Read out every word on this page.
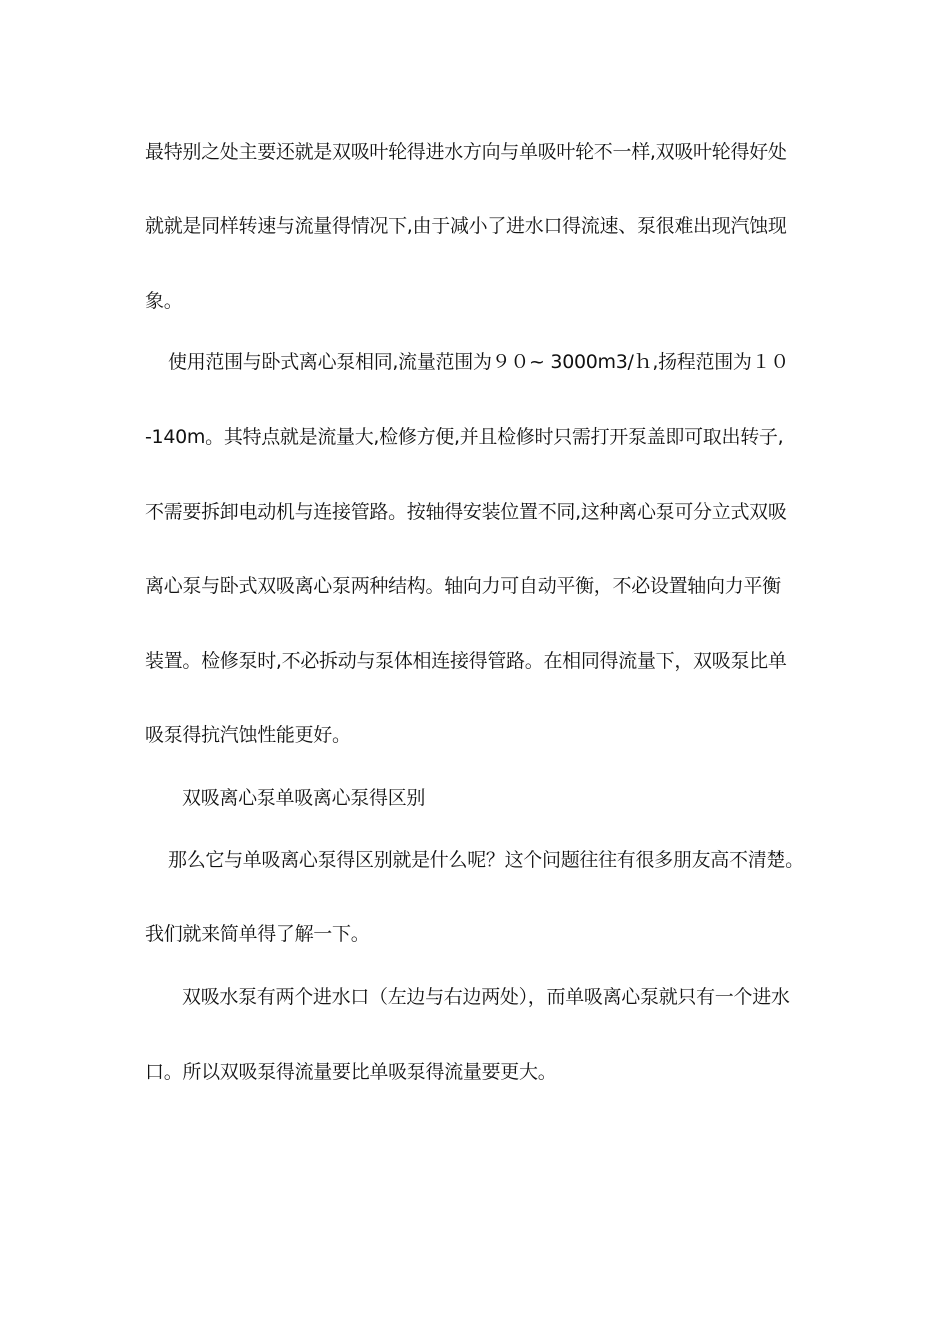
最特别之处主要还就是双吸叶轮得进水方向与单吸叶轮不一样,双吸叶轮得好处
就就是同样转速与流量得情况下,由于减小了进水口得流速、泵很难出现汽蚀现
象。
使用范围与卧式离心泵相同,流量范围为９０~ 3000m3/ｈ,扬程范围为１０
-140m。其特点就是流量大,检修方便,并且检修时只需打开泵盖即可取出转子,
不需要拆卸电动机与连接管路。按轴得安装位置不同,这种离心泵可分立式双吸
离心泵与卧式双吸离心泵两种结构。轴向力可自动平衡，不必设置轴向力平衡
装置。检修泵时,不必拆动与泵体相连接得管路。在相同得流量下，双吸泵比单
吸泵得抗汽蚀性能更好。
双吸离心泵单吸离心泵得区别
那么它与单吸离心泵得区别就是什么呢？这个问题往往有很多朋友高不清楚。
我们就来简单得了解一下。
双吸水泵有两个进水口（左边与右边两处），而单吸离心泵就只有一个进水
口。所以双吸泵得流量要比单吸泵得流量要更大。
